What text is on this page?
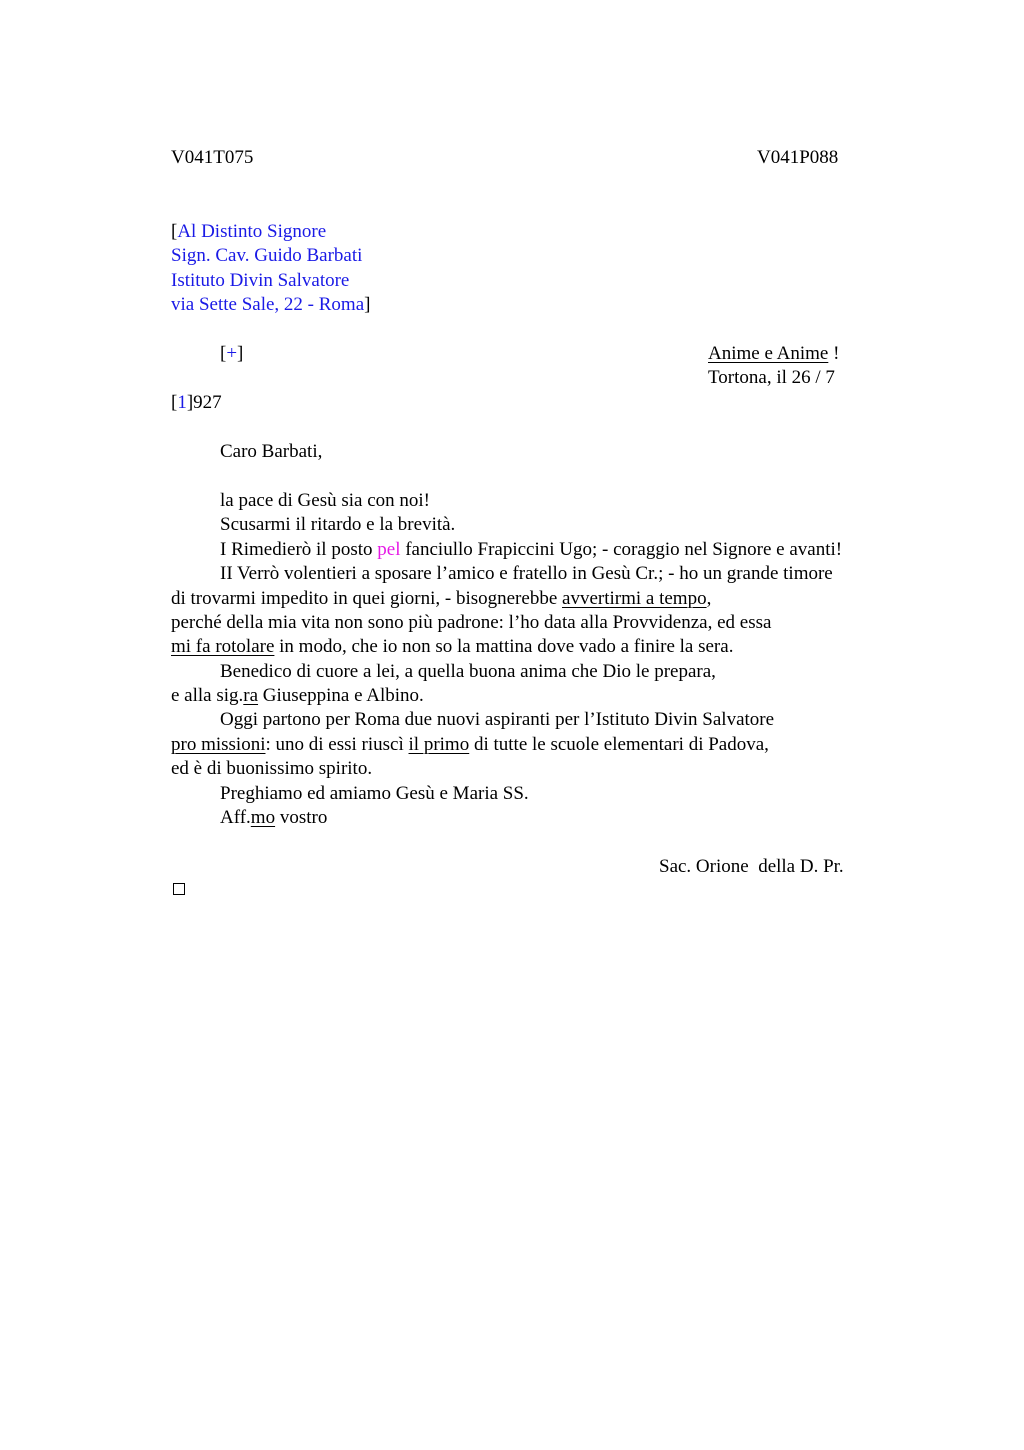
V041T075	V041P088
[Al Distinto Signore
Sign. Cav. Guido Barbati
Istituto Divin Salvatore
via Sette Sale, 22 - Roma]
[+]	Anime e Anime !
Tortona, il 26 / 7
[1]927
Caro Barbati,
la pace di Gesù sia con noi!
Scusarmi il ritardo e la brevità.
I Rimedierò il posto pel fanciullo Frapiccini Ugo; - coraggio nel Signore e avanti!
II Verrò volentieri a sposare l’amico e fratello in Gesù Cr.; - ho un grande timore
di trovarmi impedito in quei giorni, - bisognerebbe avvertirmi a tempo,
perché della mia vita non sono più padrone: l’ho data alla Provvidenza, ed essa
mi fa rotolare in modo, che io non so la mattina dove vado a finire la sera.
Benedico di cuore a lei, a quella buona anima che Dio le prepara,
e alla sig.ra Giuseppina e Albino.
Oggi partono per Roma due nuovi aspiranti per l’Istituto Divin Salvatore
pro missioni: uno di essi riuscì il primo di tutte le scuole elementari di Padova,
ed è di buonissimo spirito.
Preghiamo ed amiamo Gesù e Maria SS.
Aff.mo vostro
Sac. Orione  della D. Pr.
